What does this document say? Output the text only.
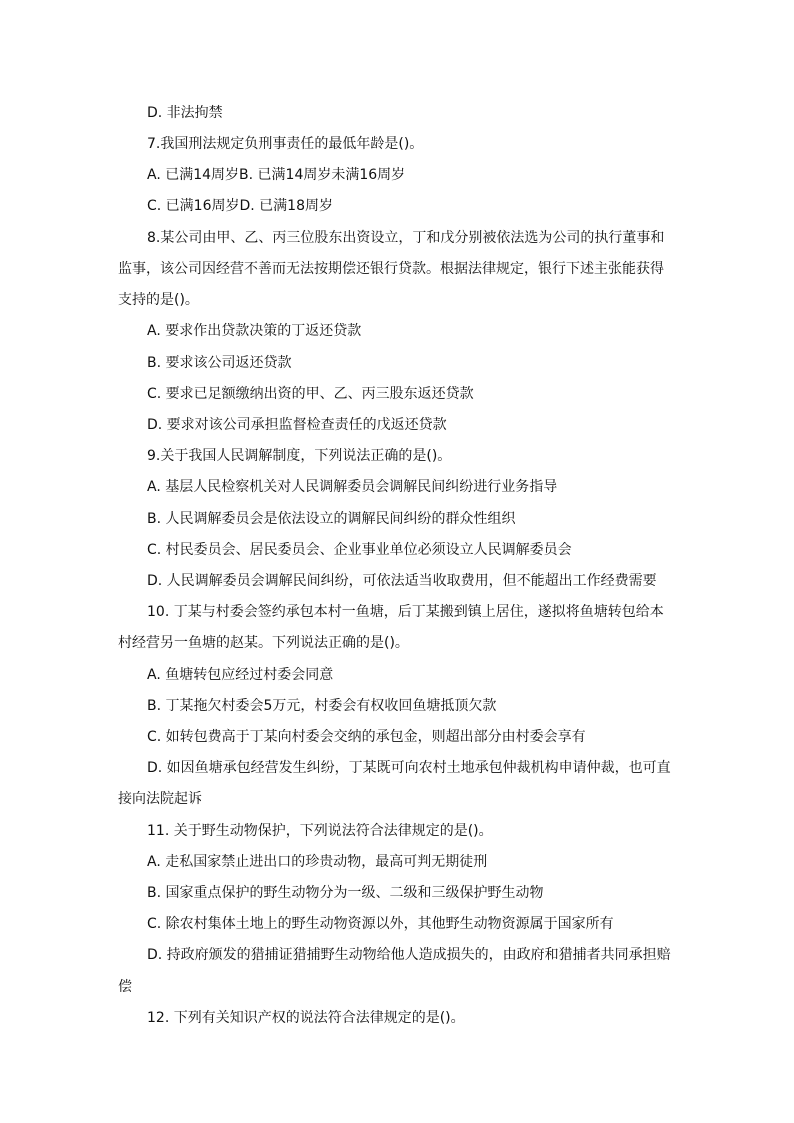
D. 非法拘禁
7.我国刑法规定负刑事责任的最低年龄是()。
A. 已满14周岁B. 已满14周岁未满16周岁
C. 已满16周岁D. 已满18周岁
8.某公司由甲、乙、丙三位股东出资设立，丁和戊分别被依法选为公司的执行董事和
监事，该公司因经营不善而无法按期偿还银行贷款。根据法律规定，银行下述主张能获得
支持的是()。
A. 要求作出贷款决策的丁返还贷款
B. 要求该公司返还贷款
C. 要求已足额缴纳出资的甲、乙、丙三股东返还贷款
D. 要求对该公司承担监督检查责任的戊返还贷款
9.关于我国人民调解制度，下列说法正确的是()。
A. 基层人民检察机关对人民调解委员会调解民间纠纷进行业务指导
B. 人民调解委员会是依法设立的调解民间纠纷的群众性组织
C. 村民委员会、居民委员会、企业事业单位必须设立人民调解委员会
D. 人民调解委员会调解民间纠纷，可依法适当收取费用，但不能超出工作经费需要
10. 丁某与村委会签约承包本村一鱼塘，后丁某搬到镇上居住，遂拟将鱼塘转包给本
村经营另一鱼塘的赵某。下列说法正确的是()。
A. 鱼塘转包应经过村委会同意
B. 丁某拖欠村委会5万元，村委会有权收回鱼塘抵顶欠款
C. 如转包费高于丁某向村委会交纳的承包金，则超出部分由村委会享有
D. 如因鱼塘承包经营发生纠纷，丁某既可向农村土地承包仲裁机构申请仲裁，也可直
接向法院起诉
11. 关于野生动物保护，下列说法符合法律规定的是()。
A. 走私国家禁止进出口的珍贵动物，最高可判无期徒刑
B. 国家重点保护的野生动物分为一级、二级和三级保护野生动物
C. 除农村集体土地上的野生动物资源以外，其他野生动物资源属于国家所有
D. 持政府颁发的猎捕证猎捕野生动物给他人造成损失的，由政府和猎捕者共同承担赔
偿
12. 下列有关知识产权的说法符合法律规定的是()。
